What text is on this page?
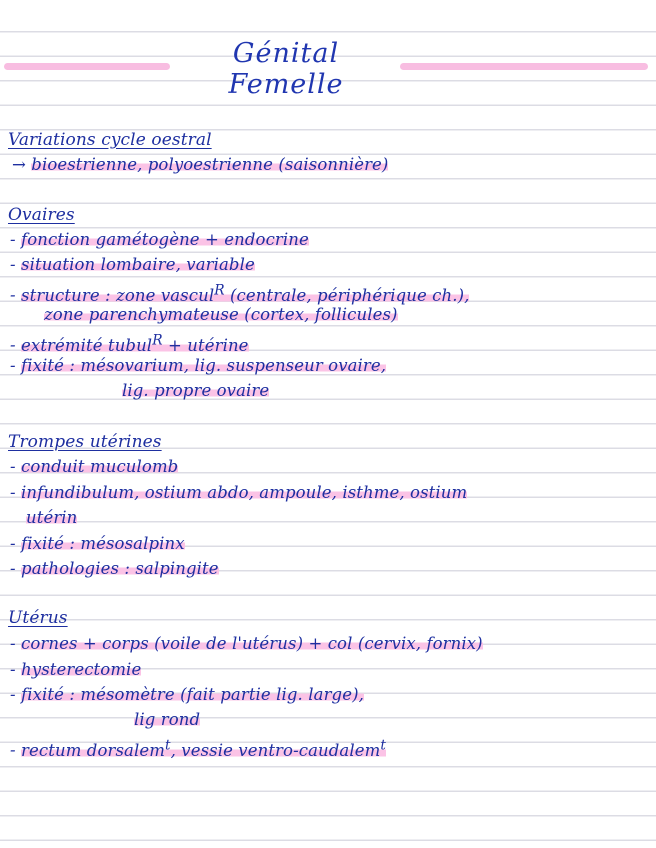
Génital Femelle
Variations cycle oestral
→ bioestrienne, polyoestrienne (saisonnière)
Ovaires
- fonction gamétogène + endocrine
- situation lombaire, variable
- structure : zone vascul$^R$ (centrale, périphérique ch.),
zone parenchymateuse (cortex, follicules)
- extrémité tubul$^R$ + utérine
- fixité : mésovarium, lig. suspenseur ovaire,
lig. propre ovaire
Trompes utérines
- conduit muculomb
- infundibulum, ostium abdo, ampoule, isthme, ostium
utérin
- fixité : mésosalpinx
- pathologies : salpingite
Utérus
- cornes + corps (voile de l'utérus) + col (cervix, fornix)
- hysterectomie
- fixité : mésomètre (fait partie lig. large),
lig rond
- rectum dorsalem$^t$, vessie ventro-caudalem$^t$
